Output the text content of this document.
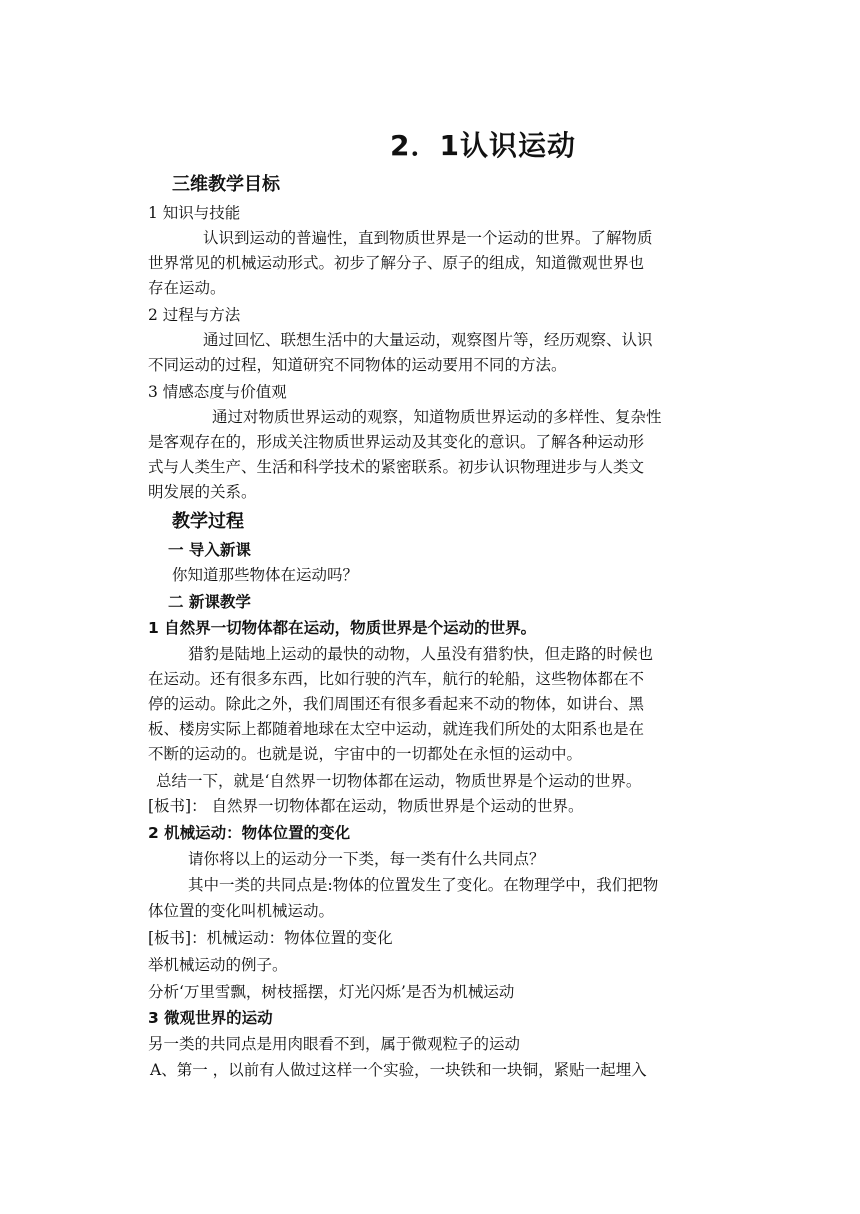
2．1认识运动
三维教学目标
1 知识与技能
认识到运动的普遍性，直到物质世界是一个运动的世界。了解物质
世界常见的机械运动形式。初步了解分子、原子的组成，知道微观世界也
存在运动。
2 过程与方法
通过回忆、联想生活中的大量运动，观察图片等，经历观察、认识
不同运动的过程，知道研究不同物体的运动要用不同的方法。
3 情感态度与价值观
通过对物质世界运动的观察，知道物质世界运动的多样性、复杂性
是客观存在的，形成关注物质世界运动及其变化的意识。了解各种运动形
式与人类生产、生活和科学技术的紧密联系。初步认识物理进步与人类文
明发展的关系。
教学过程
一 导入新课
你知道那些物体在运动吗？
二 新课教学
1 自然界一切物体都在运动，物质世界是个运动的世界。
猎豹是陆地上运动的最快的动物，人虽没有猎豹快，但走路的时候也
在运动。还有很多东西，比如行驶的汽车，航行的轮船，这些物体都在不
停的运动。除此之外，我们周围还有很多看起来不动的物体，如讲台、黑
板、楼房实际上都随着地球在太空中运动，就连我们所处的太阳系也是在
不断的运动的。也就是说，宇宙中的一切都处在永恒的运动中。
总结一下，就是‘自然界一切物体都在运动，物质世界是个运动的世界。
[板书]： 自然界一切物体都在运动，物质世界是个运动的世界。
2 机械运动：物体位置的变化
请你将以上的运动分一下类，每一类有什么共同点？
其中一类的共同点是:物体的位置发生了变化。在物理学中，我们把物
体位置的变化叫机械运动。
[板书]：机械运动：物体位置的变化
举机械运动的例子。
分析‘万里雪飘，树枝摇摆，灯光闪烁’是否为机械运动
3 微观世界的运动
另一类的共同点是用肉眼看不到，属于微观粒子的运动
A、第一 ，以前有人做过这样一个实验，一块铁和一块铜，紧贴一起埋入
